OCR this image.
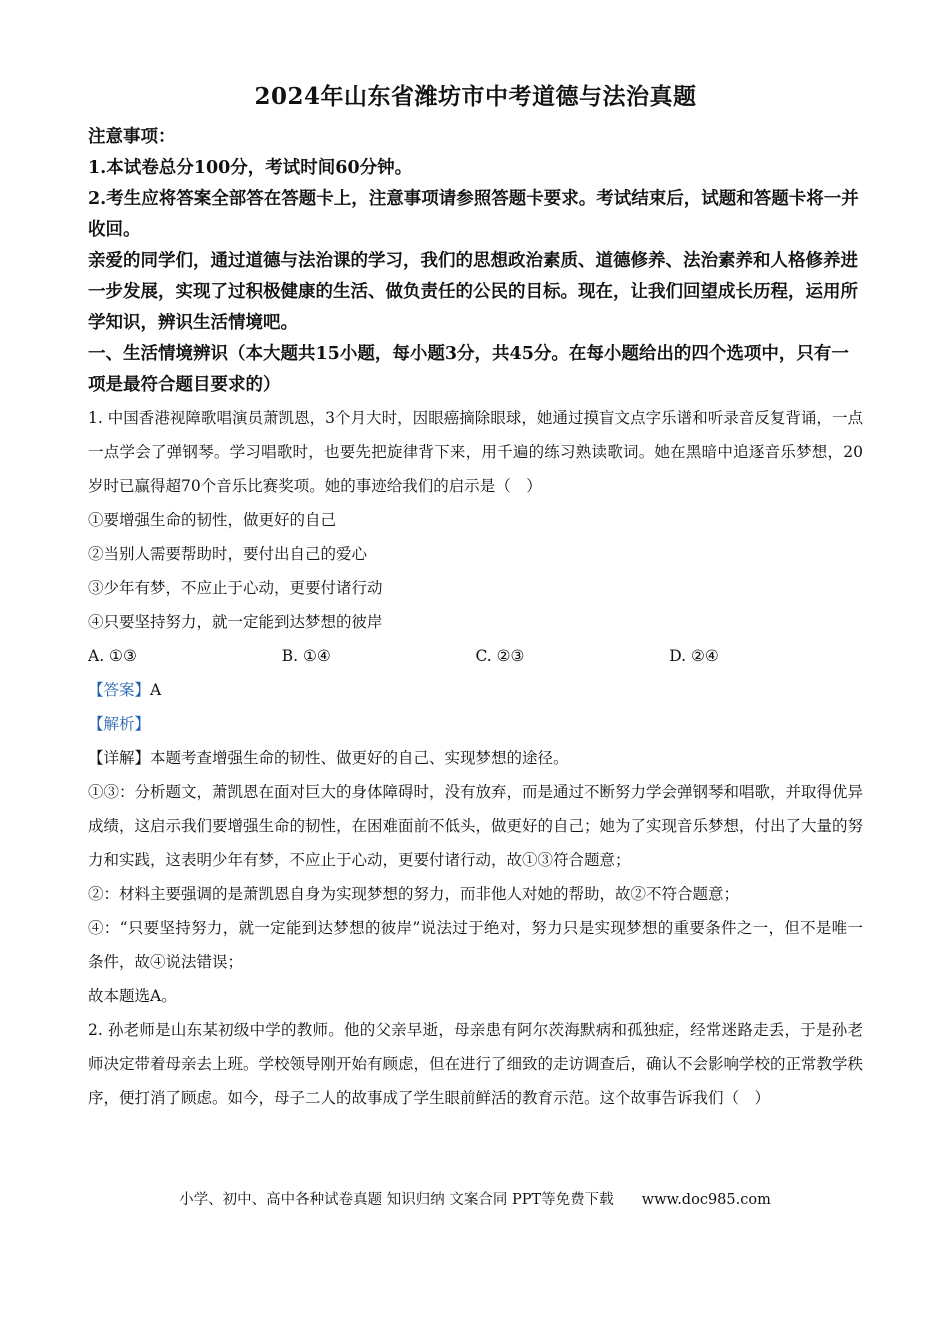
2024年山东省潍坊市中考道德与法治真题

注意事项：

1.本试卷总分100分，考试时间60分钟。

2.考生应将答案全部答在答题卡上，注意事项请参照答题卡要求。考试结束后，试题和答题卡将一并收回。

亲爱的同学们，通过道德与法治课的学习，我们的思想政治素质、道德修养、法治素养和人格修养进一步发展，实现了过积极健康的生活、做负责任的公民的目标。现在，让我们回望成长历程，运用所学知识，辨识生活情境吧。

一、生活情境辨识（本大题共15小题，每小题3分，共45分。在每小题给出的四个选项中，只有一项是最符合题目要求的）

1. 中国香港视障歌唱演员萧凯恩，3个月大时，因眼癌摘除眼球，她通过摸盲文点字乐谱和听录音反复背诵，一点一点学会了弹钢琴。学习唱歌时，也要先把旋律背下来，用千遍的练习熟读歌词。她在黑暗中追逐音乐梦想，20岁时已赢得超70个音乐比赛奖项。她的事迹给我们的启示是（　）

①要增强生命的韧性，做更好的自己

②当别人需要帮助时，要付出自己的爱心

③少年有梦，不应止于心动，更要付诸行动

④只要坚持努力，就一定能到达梦想的彼岸

A. ①③	B. ①④	C. ②③	D. ②④

【答案】A

【解析】

【详解】本题考查增强生命的韧性、做更好的自己、实现梦想的途径。

①③：分析题文，萧凯恩在面对巨大的身体障碍时，没有放弃，而是通过不断努力学会弹钢琴和唱歌，并取得优异成绩，这启示我们要增强生命的韧性，在困难面前不低头，做更好的自己；她为了实现音乐梦想，付出了大量的努力和实践，这表明少年有梦，不应止于心动，更要付诸行动，故①③符合题意；

②：材料主要强调的是萧凯恩自身为实现梦想的努力，而非他人对她的帮助，故②不符合题意；

④：“只要坚持努力，就一定能到达梦想的彼岸”说法过于绝对，努力只是实现梦想的重要条件之一，但不是唯一条件，故④说法错误；

故本题选A。

2. 孙老师是山东某初级中学的教师。他的父亲早逝，母亲患有阿尔茨海默病和孤独症，经常迷路走丢，于是孙老师决定带着母亲去上班。学校领导刚开始有顾虑，但在进行了细致的走访调查后，确认不会影响学校的正常教学秩序，便打消了顾虑。如今，母子二人的故事成了学生眼前鲜活的教育示范。这个故事告诉我们（　）

小学、初中、高中各种试卷真题 知识归纳 文案合同 PPT等免费下载 www.doc985.com
